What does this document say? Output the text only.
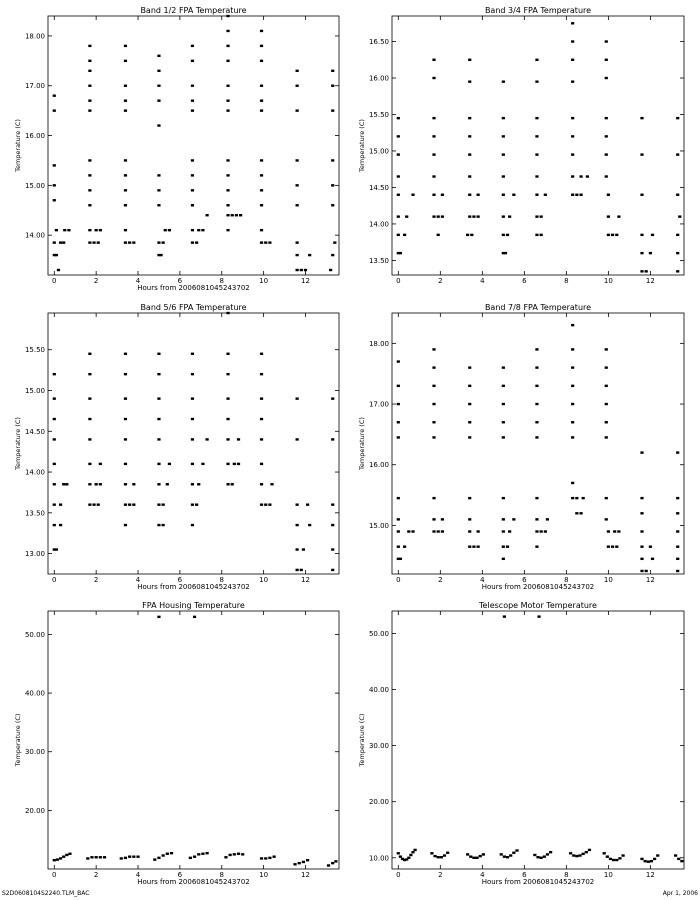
Band 1/2 FPA Temperature
Hours from 2006081045243702
Temperature (C)
0	2	4	6	8	10	12
14.00
15.00
16.00
17.00
18.00
Band 3/4 FPA Temperature
Temperature (C)
0	2	4	6	8	10	12
13.50
14.00
14.50
15.00
15.50
16.00
16.50
Band 5/6 FPA Temperature
Hours from 2006081045243702
Temperature (C)
0	2	4	6	8	10	12
13.00
13.50
14.00
14.50
15.00
15.50
Band 7/8 FPA Temperature
Hours from 2006081045243702
Temperature (C)
0	2	4	6	8	10	12
15.00
16.00
17.00
18.00
FPA Housing Temperature
Hours from 2006081045243702
Temperature (C)
0	2	4	6	8	10	12
20.00
30.00
40.00
50.00
Telescope Motor Temperature
Hours from 2006081045243702
Temperature (C)
0	2	4	6	8	10	12
10.00
20.00
30.00
40.00
50.00
S2D0608104S2240.TLM_BAC	Apr 1, 2006
